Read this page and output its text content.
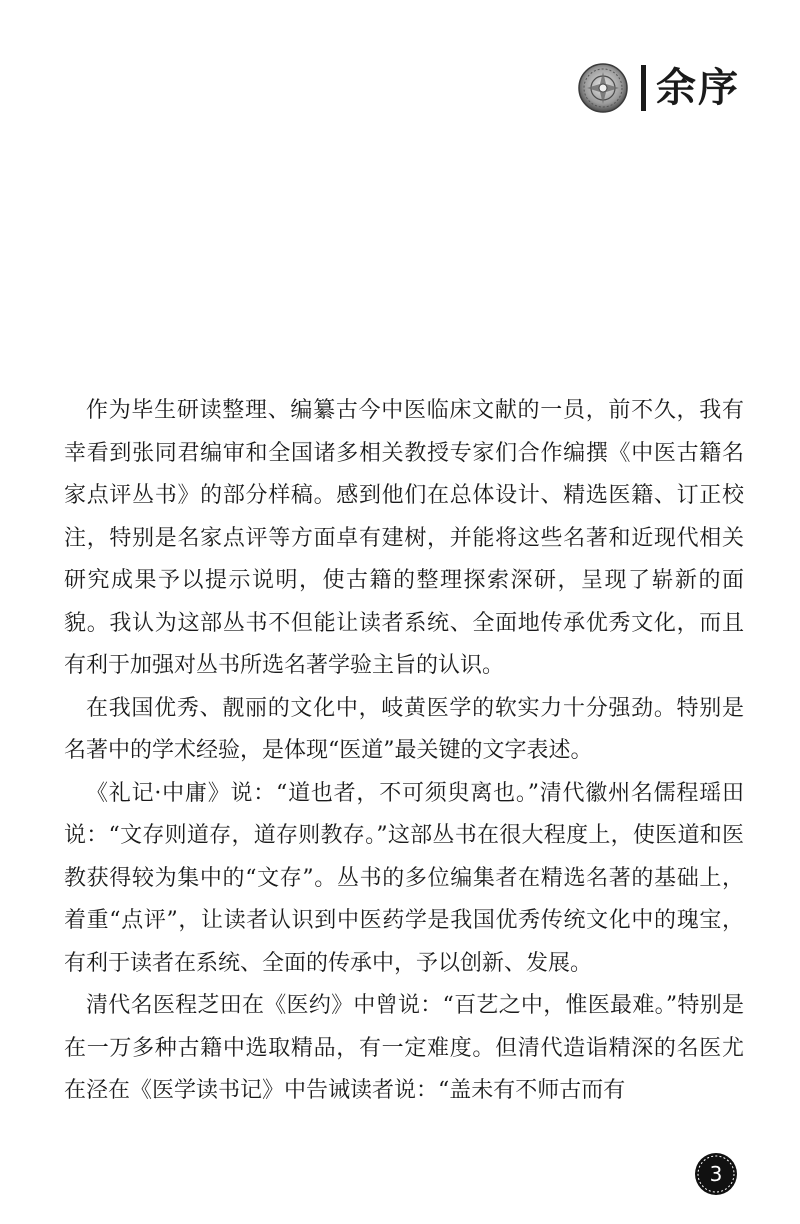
余序

作为毕生研读整理、编纂古今中医临床文献的一员，前不久，我有幸看到张同君编审和全国诸多相关教授专家们合作编撰《中医古籍名家点评丛书》的部分样稿。感到他们在总体设计、精选医籍、订正校注，特别是名家点评等方面卓有建树，并能将这些名著和近现代相关研究成果予以提示说明，使古籍的整理探索深研，呈现了崭新的面貌。我认为这部丛书不但能让读者系统、全面地传承优秀文化，而且有利于加强对丛书所选名著学验主旨的认识。

在我国优秀、靓丽的文化中，岐黄医学的软实力十分强劲。特别是名著中的学术经验，是体现“医道”最关键的文字表述。

《礼记·中庸》说：“道也者，不可须臾离也。”清代徽州名儒程瑶田说：“文存则道存，道存则教存。”这部丛书在很大程度上，使医道和医教获得较为集中的“文存”。丛书的多位编集者在精选名著的基础上，着重“点评”，让读者认识到中医药学是我国优秀传统文化中的瑰宝，有利于读者在系统、全面的传承中，予以创新、发展。

清代名医程芝田在《医约》中曾说：“百艺之中，惟医最难。”特别是在一万多种古籍中选取精品，有一定难度。但清代造诣精深的名医尤在泾在《医学读书记》中告诫读者说：“盖未有不师古而有

3
